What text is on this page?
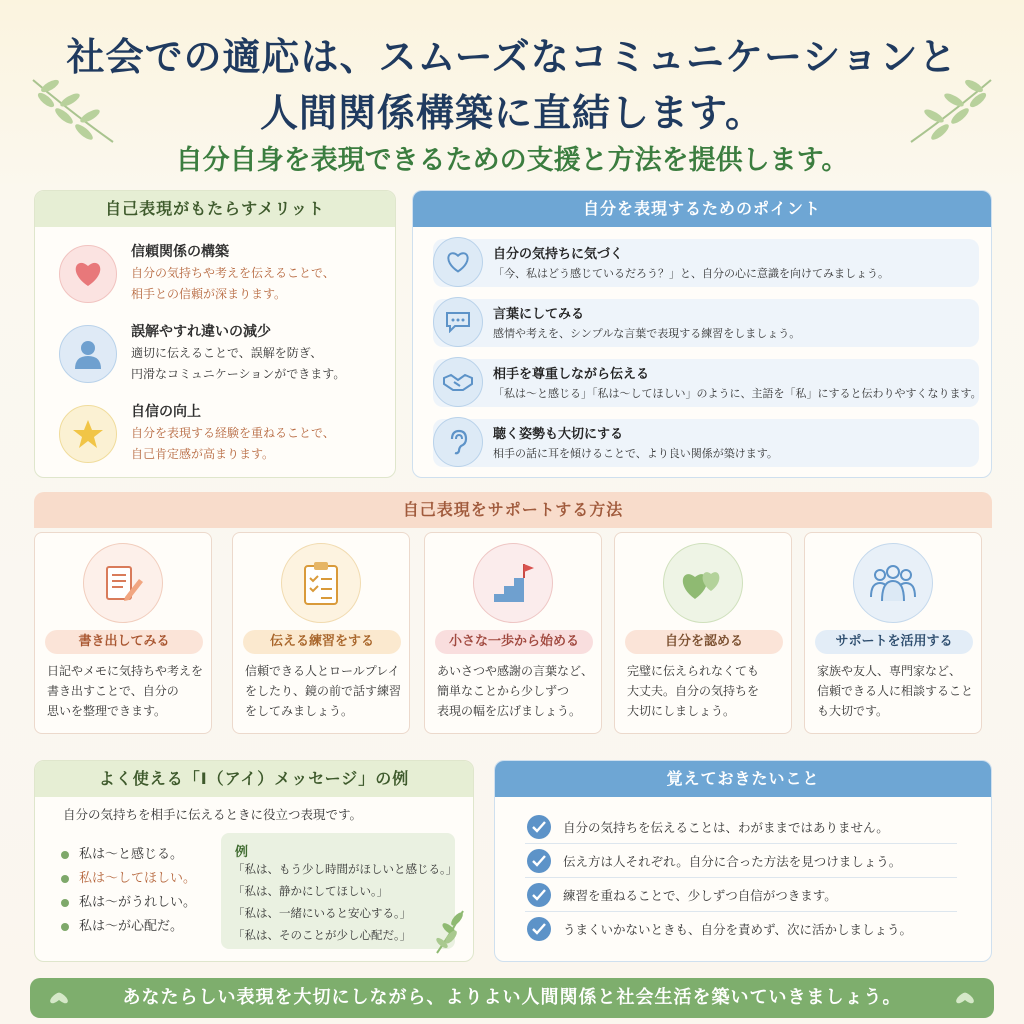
社会での適応は、スムーズなコミュニケーションと
人間関係構築に直結します。
自分自身を表現できるための支援と方法を提供します。
自己表現がもたらすメリット
信頼関係の構築
自分の気持ちや考えを伝えることで、
相手との信頼が深まります。
誤解やすれ違いの減少
適切に伝えることで、誤解を防ぎ、
円滑なコミュニケーションができます。
自信の向上
自分を表現する経験を重ねることで、
自己肯定感が高まります。
自分を表現するためのポイント
自分の気持ちに気づく
「今、私はどう感じているだろう？」と、自分の心に意識を向けてみましょう。
言葉にしてみる
感情や考えを、シンプルな言葉で表現する練習をしましょう。
相手を尊重しながら伝える
「私は～と感じる」「私は～してほしい」のように、主語を「私」にすると伝わりやすくなります。
聴く姿勢も大切にする
相手の話に耳を傾けることで、より良い関係が築けます。
自己表現をサポートする方法
書き出してみる
日記やメモに気持ちや考えを
書き出すことで、自分の
思いを整理できます。
伝える練習をする
信頼できる人とロールプレイ
をしたり、鏡の前で話す練習
をしてみましょう。
小さな一歩から始める
あいさつや感謝の言葉など、
簡単なことから少しずつ
表現の幅を広げましょう。
自分を認める
完璧に伝えられなくても
大丈夫。自分の気持ちを
大切にしましょう。
サポートを活用する
家族や友人、専門家など、
信頼できる人に相談すること
も大切です。
よく使える「I（アイ）メッセージ」の例
自分の気持ちを相手に伝えるときに役立つ表現です。
私は～と感じる。
私は～してほしい。
私は～がうれしい。
私は～が心配だ。
例
「私は、もう少し時間がほしいと感じる。」
「私は、静かにしてほしい。」
「私は、一緒にいると安心する。」
「私は、そのことが少し心配だ。」
覚えておきたいこと
自分の気持ちを伝えることは、わがままではありません。
伝え方は人それぞれ。自分に合った方法を見つけましょう。
練習を重ねることで、少しずつ自信がつきます。
うまくいかないときも、自分を責めず、次に活かしましょう。
あなたらしい表現を大切にしながら、よりよい人間関係と社会生活を築いていきましょう。
